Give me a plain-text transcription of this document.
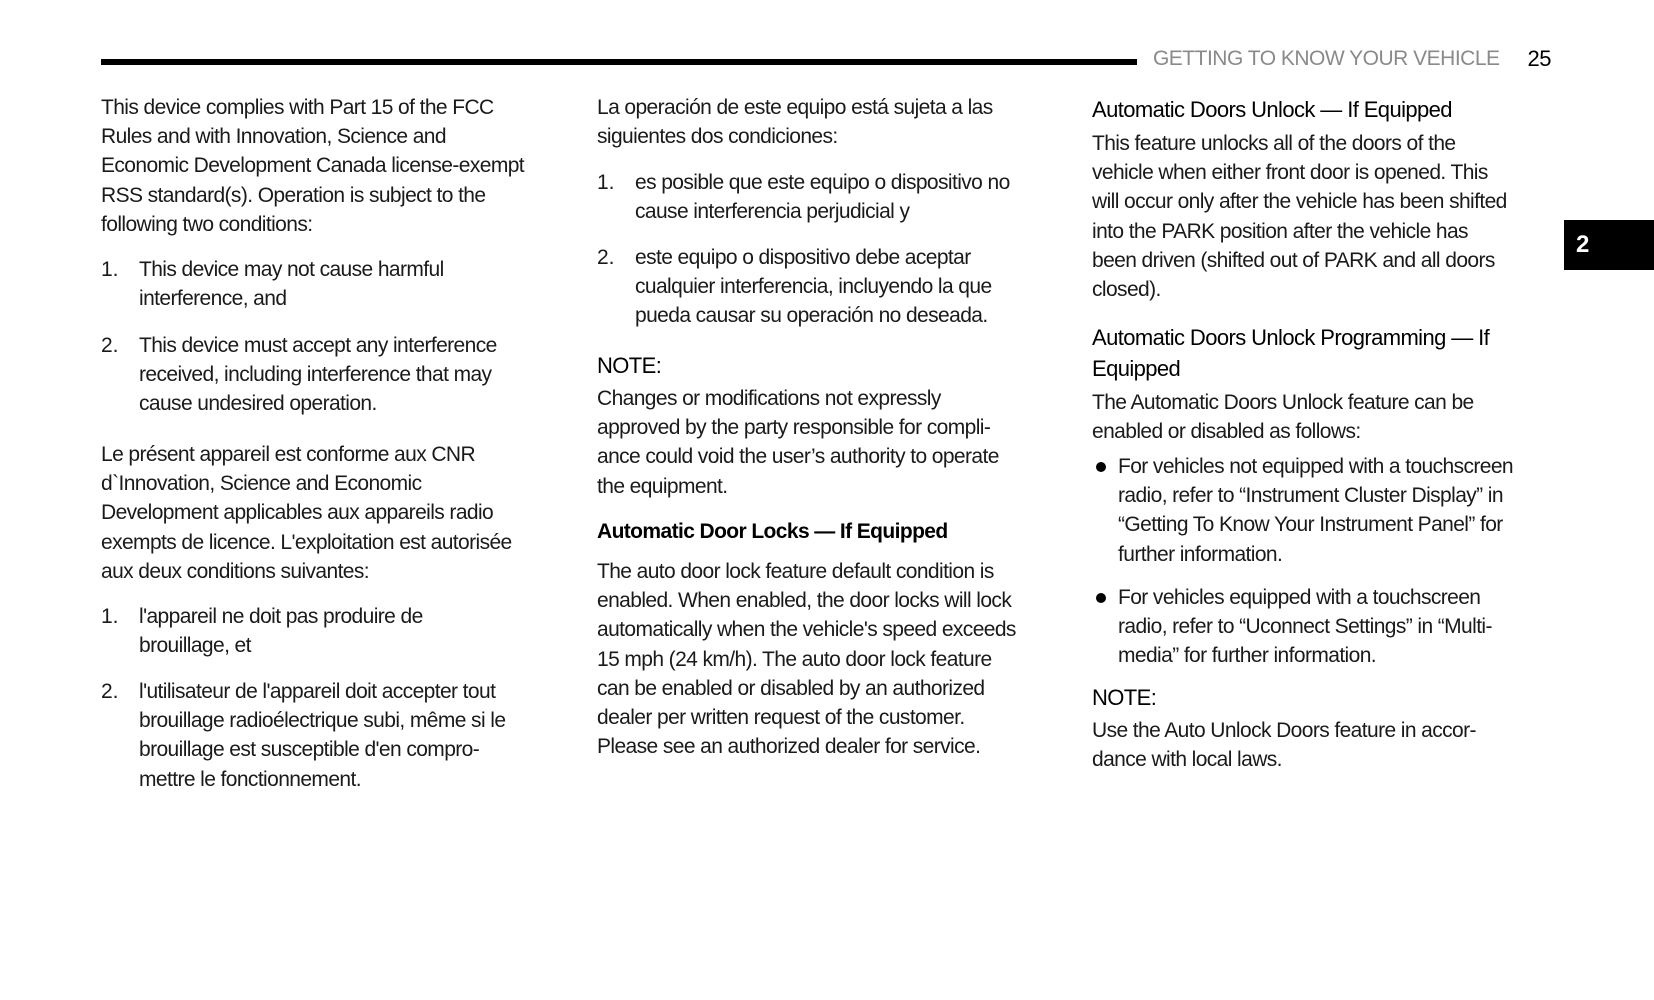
GETTING TO KNOW YOUR VEHICLE 25
2
This device complies with Part 15 of the FCC
Rules and with Innovation, Science and
Economic Development Canada license-exempt
RSS standard(s). Operation is subject to the
following two conditions:
1. This device may not cause harmful
interference, and
2. This device must accept any interference
received, including interference that may
cause undesired operation.
Le présent appareil est conforme aux CNR
d`Innovation, Science and Economic
Development applicables aux appareils radio
exempts de licence. L'exploitation est autorisée
aux deux conditions suivantes:
1. l'appareil ne doit pas produire de
brouillage, et
2. l'utilisateur de l'appareil doit accepter tout
brouillage radioélectrique subi, même si le
brouillage est susceptible d'en compro-
mettre le fonctionnement.
La operación de este equipo está sujeta a las
siguientes dos condiciones:
1. es posible que este equipo o dispositivo no
cause interferencia perjudicial y
2. este equipo o dispositivo debe aceptar
cualquier interferencia, incluyendo la que
pueda causar su operación no deseada.
NOTE:
Changes or modifications not expressly
approved by the party responsible for compli-
ance could void the user’s authority to operate
the equipment.
Automatic Door Locks — If Equipped
The auto door lock feature default condition is
enabled. When enabled, the door locks will lock
automatically when the vehicle's speed exceeds
15 mph (24 km/h). The auto door lock feature
can be enabled or disabled by an authorized
dealer per written request of the customer.
Please see an authorized dealer for service.
Automatic Doors Unlock — If Equipped
This feature unlocks all of the doors of the
vehicle when either front door is opened. This
will occur only after the vehicle has been shifted
into the PARK position after the vehicle has
been driven (shifted out of PARK and all doors
closed).
Automatic Doors Unlock Programming — If
Equipped
The Automatic Doors Unlock feature can be
enabled or disabled as follows:
For vehicles not equipped with a touchscreen
radio, refer to “Instrument Cluster Display” in
“Getting To Know Your Instrument Panel” for
further information.
For vehicles equipped with a touchscreen
radio, refer to “Uconnect Settings” in “Multi-
media” for further information.
NOTE:
Use the Auto Unlock Doors feature in accor-
dance with local laws.
